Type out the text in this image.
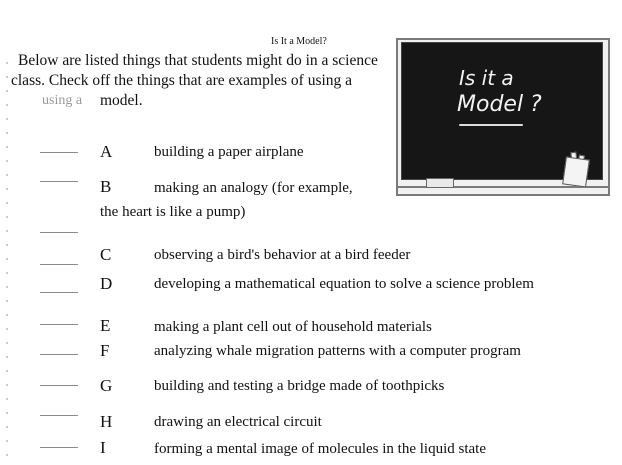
Is It a Model?
Below are listed things that students might do in a science
class. Check off the things that are examples of using a
using a model.
Is it a
Model ?
A
B
C
D
E
F
G
H
I
building a paper airplane
making an analogy (for example,
the heart is like a pump)
observing a bird's behavior at a bird feeder
developing a mathematical equation to solve a science problem
making a plant cell out of household materials
analyzing whale migration patterns with a computer program
building and testing a bridge made of toothpicks
drawing an electrical circuit
forming a mental image of molecules in the liquid state
